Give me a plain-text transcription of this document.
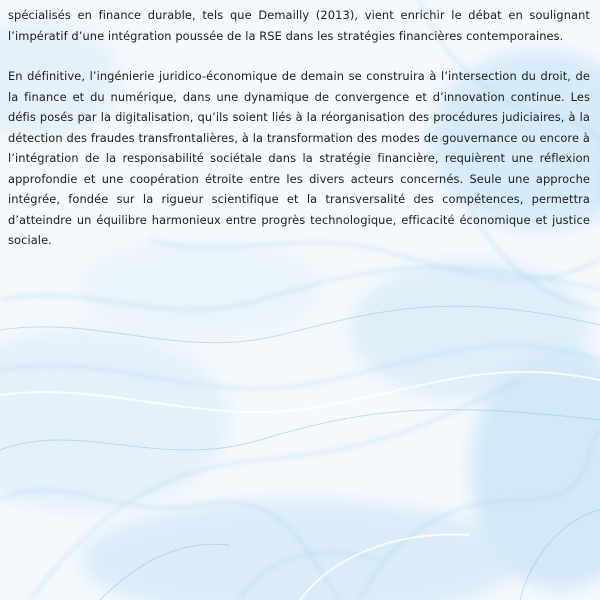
spécialisés en finance durable, tels que Demailly (2013), vient enrichir le débat en soulignant l’impératif d’une intégration poussée de la RSE dans les stratégies financières contemporaines.

En définitive, l’ingénierie juridico-économique de demain se construira à l’intersection du droit, de la finance et du numérique, dans une dynamique de convergence et d’innovation continue. Les défis posés par la digitalisation, qu’ils soient liés à la réorganisation des procédures judiciaires, à la détection des fraudes transfrontalières, à la transformation des modes de gouvernance ou encore à l’intégration de la responsabilité sociétale dans la stratégie financière, requièrent une réflexion approfondie et une coopération étroite entre les divers acteurs concernés. Seule une approche intégrée, fondée sur la rigueur scientifique et la transversalité des compétences, permettra d’atteindre un équilibre harmonieux entre progrès technologique, efficacité économique et justice sociale.
